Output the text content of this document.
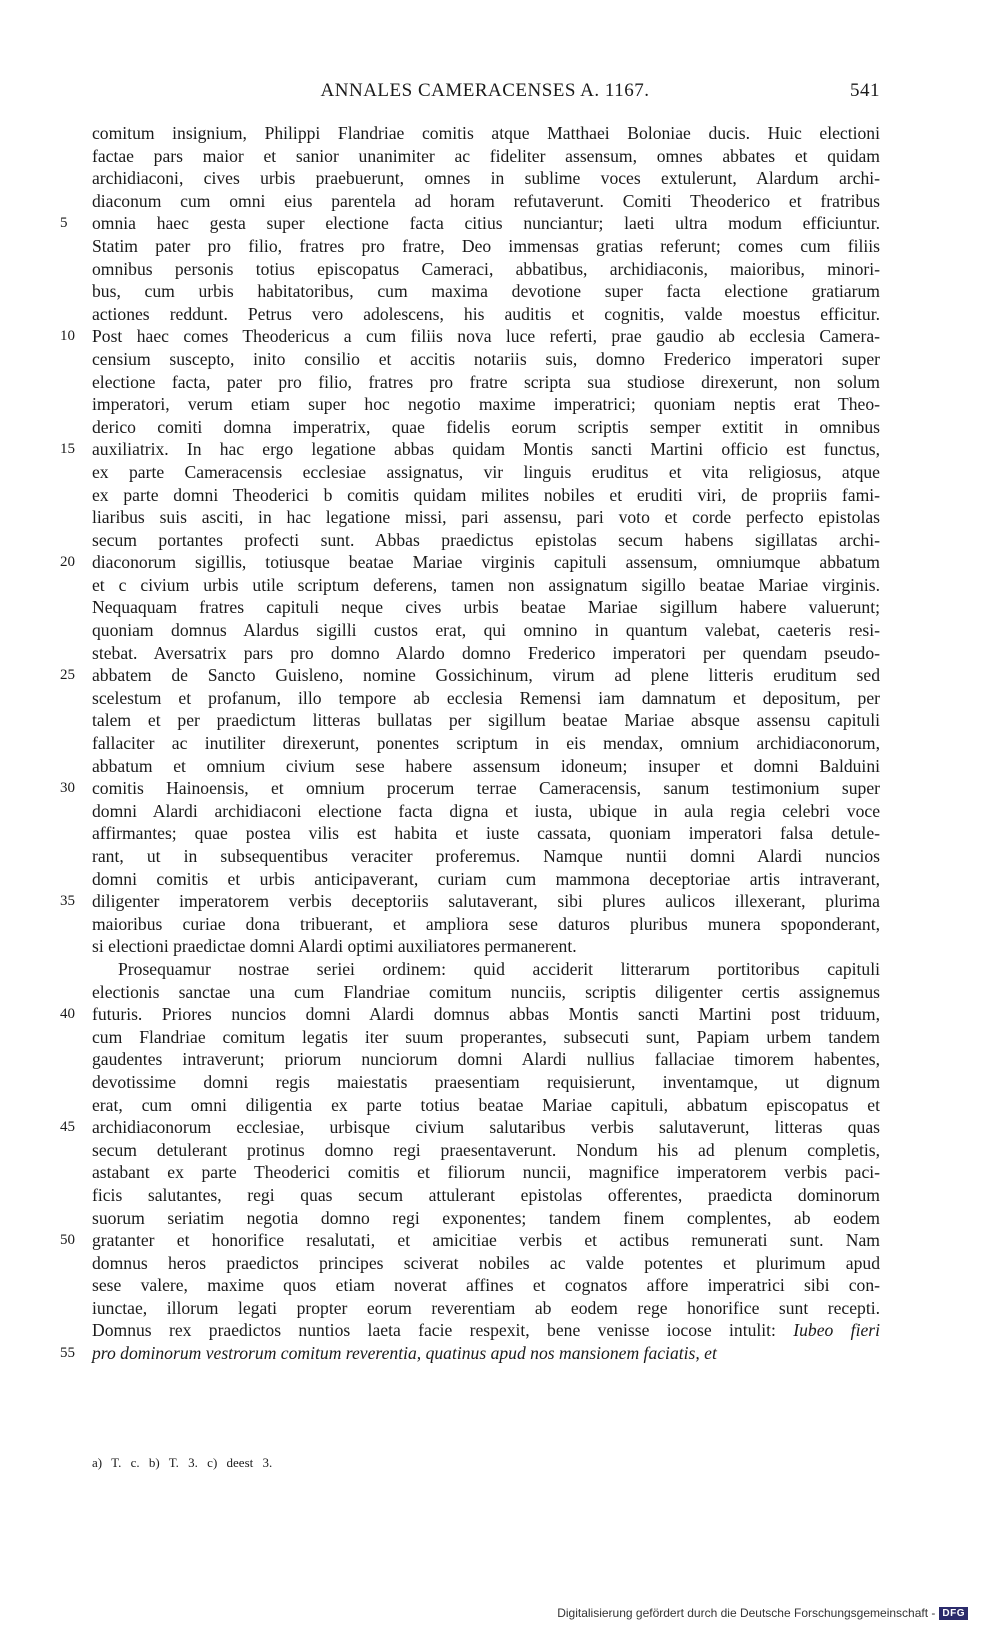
ANNALES CAMERACENSES A. 1167.	541
comitum insignium, Philippi Flandriae comitis atque Matthaei Boloniae ducis. Huic electioni
factae pars maior et sanior unanimiter ac fideliter assensum, omnes abbates et quidam
archidiaconi, cives urbis praebuerunt, omnes in sublime voces extulerunt, Alardum archi-
diaconum cum omni eius parentela ad horam refutaverunt. Comiti Theoderico et fratribus
5	omnia haec gesta super electione facta citius nunciantur; laeti ultra modum efficiuntur.
Statim pater pro filio, fratres pro fratre, Deo immensas gratias referunt; comes cum filiis
omnibus personis totius episcopatus Cameraci, abbatibus, archidiaconis, maioribus, minori-
bus, cum urbis habitatoribus, cum maxima devotione super facta electione gratiarum
actiones reddunt. Petrus vero adolescens, his auditis et cognitis, valde moestus efficitur.
10 Post haec comes Theodericus a cum filiis nova luce referti, prae gaudio ab ecclesia Camera-
censium suscepto, inito consilio et accitis notariis suis, domno Frederico imperatori super
electione facta, pater pro filio, fratres pro fratre scripta sua studiose direxerunt, non solum
imperatori, verum etiam super hoc negotio maxime imperatrici; quoniam neptis erat Theo-
derico comiti domna imperatrix, quae fidelis eorum scriptis semper extitit in omnibus
15 auxiliatrix. In hac ergo legatione abbas quidam Montis sancti Martini officio est functus,
ex parte Cameracensis ecclesiae assignatus, vir linguis eruditus et vita religiosus, atque
ex parte domni Theoderici b comitis quidam milites nobiles et eruditi viri, de propriis fami-
liaribus suis asciti, in hac legatione missi, pari assensu, pari voto et corde perfecto epistolas
secum portantes profecti sunt. Abbas praedictus epistolas secum habens sigillatas archi-
20 diaconorum sigillis, totiusque beatae Mariae virginis capituli assensum, omniumque abbatum
et c civium urbis utile scriptum deferens, tamen non assignatum sigillo beatae Mariae virginis.
Nequaquam fratres capituli neque cives urbis beatae Mariae sigillum habere valuerunt;
quoniam domnus Alardus sigilli custos erat, qui omnino in quantum valebat, caeteris resi-
stebat. Aversatrix pars pro domno Alardo domno Frederico imperatori per quendam pseudo-
25 abbatem de Sancto Guisleno, nomine Gossichinum, virum ad plene litteris eruditum sed
scelestum et profanum, illo tempore ab ecclesia Remensi iam damnatum et depositum, per
talem et per praedictum litteras bullatas per sigillum beatae Mariae absque assensu capituli
fallaciter ac inutiliter direxerunt, ponentes scriptum in eis mendax, omnium archidiaconorum,
abbatum et omnium civium sese habere assensum idoneum; insuper et domni Balduini
30 comitis Hainoensis, et omnium procerum terrae Cameracensis, sanum testimonium super
domni Alardi archidiaconi electione facta digna et iusta, ubique in aula regia celebri voce
affirmantes; quae postea vilis est habita et iuste cassata, quoniam imperatori falsa detule-
rant, ut in subsequentibus veraciter proferemus. Namque nuntii domni Alardi nuncios
domni comitis et urbis anticipaverant, curiam cum mammona deceptoriae artis intraverant,
35 diligenter imperatorem verbis deceptoriis salutaverant, sibi plures aulicos illexerant, plurima
maioribus curiae dona tribuerant, et ampliora sese daturos pluribus munera spoponderant,
si electioni praedictae domni Alardi optimi auxiliatores permanerent.
Prosequamur nostrae seriei ordinem: quid acciderit litterarum portitoribus capituli
electionis sanctae una cum Flandriae comitum nunciis, scriptis diligenter certis assignemus
40 futuris. Priores nuncios domni Alardi domnus abbas Montis sancti Martini post triduum,
cum Flandriae comitum legatis iter suum properantes, subsecuti sunt, Papiam urbem tandem
gaudentes intraverunt; priorum nunciorum domni Alardi nullius fallaciae timorem habentes,
devotissime domni regis maiestatis praesentiam requisierunt, inventamque, ut dignum
erat, cum omni diligentia ex parte totius beatae Mariae capituli, abbatum episcopatus et
45 archidiaconorum ecclesiae, urbisque civium salutaribus verbis salutaverunt, litteras quas
secum detulerant protinus domno regi praesentaverunt. Nondum his ad plenum completis,
astabant ex parte Theoderici comitis et filiorum nuncii, magnifice imperatorem verbis paci-
ficis salutantes, regi quas secum attulerant epistolas offerentes, praedicta dominorum
suorum seriatim negotia domno regi exponentes; tandem finem complentes, ab eodem
50 gratanter et honorifice resalutati, et amicitiae verbis et actibus remunerati sunt. Nam
domnus heros praedictos principes sciverat nobiles ac valde potentes et plurimum apud
sese valere, maxime quos etiam noverat affines et cognatos affore imperatrici sibi con-
iunctae, illorum legati propter eorum reverentiam ab eodem rege honorifice sunt recepti.
Domnus rex praedictos nuntios laeta facie respexit, bene venisse iocose intulit: Iubeo fieri
55 pro dominorum vestrorum comitum reverentia, quatinus apud nos mansionem faciatis, et
a) T. c. b) T. 3. c) deest 3.
Digitalisierung gefördert durch die Deutsche Forschungsgemeinschaft - DFG
